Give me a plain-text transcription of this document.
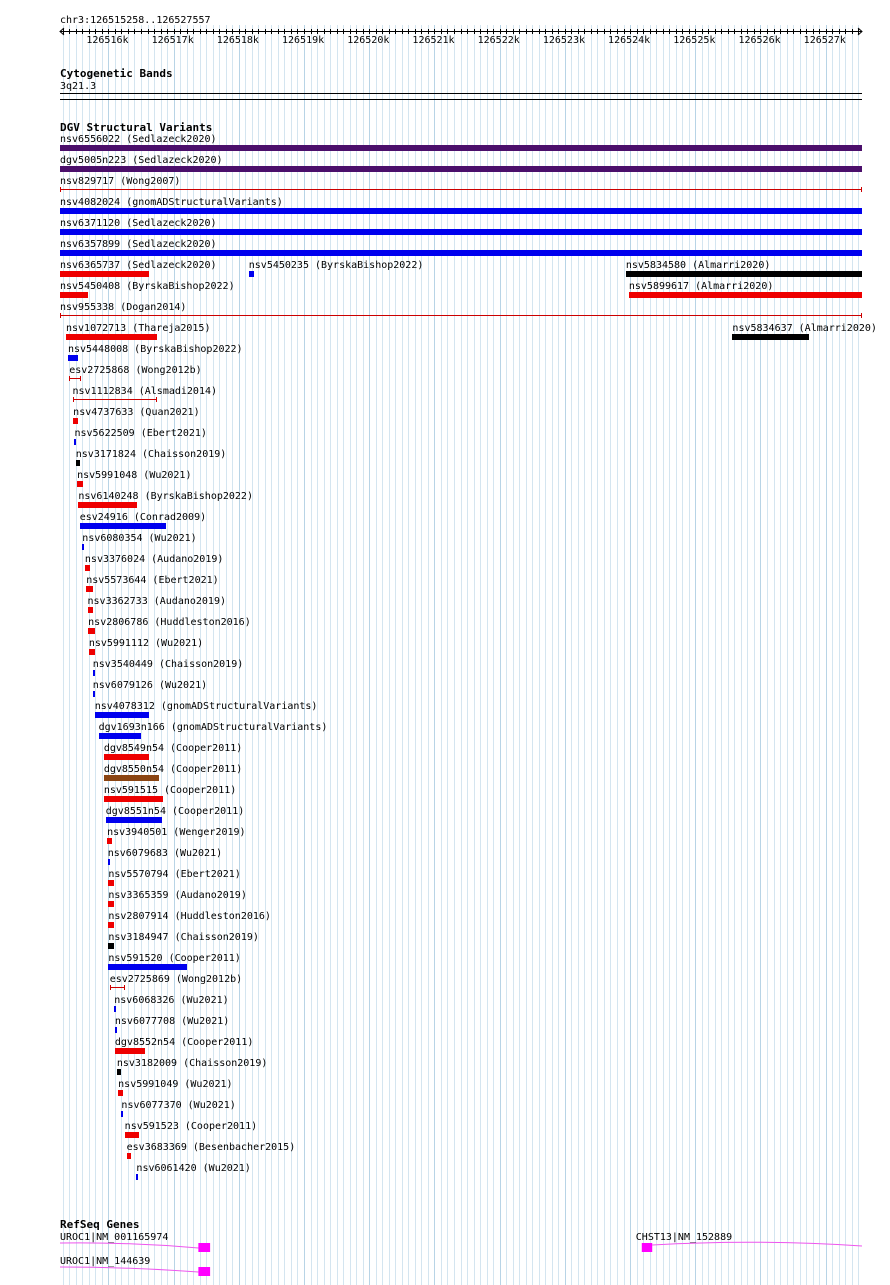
chr3:126515258..126527557
126516k 126517k 126518k 126519k 126520k 126521k 126522k 126523k 126524k 126525k 126526k 126527k
Cytogenetic Bands
3q21.3
DGV Structural Variants
nsv6556022 (Sedlazeck2020)
dgv5005n223 (Sedlazeck2020)
nsv829717 (Wong2007)
nsv4082024 (gnomADStructuralVariants)
nsv6371120 (Sedlazeck2020)
nsv6357899 (Sedlazeck2020)
nsv6365737 (Sedlazeck2020)	nsv5450235 (ByrskaBishop2022)	nsv5834580 (Almarri2020)
nsv5450408 (ByrskaBishop2022)	nsv5899617 (Almarri2020)
nsv955338 (Dogan2014)
nsv1072713 (Thareja2015)	nsv5834637 (Almarri2020)
nsv5448008 (ByrskaBishop2022)
esv2725868 (Wong2012b)
nsv1112834 (Alsmadi2014)
nsv4737633 (Quan2021)
nsv5622509 (Ebert2021)
nsv3171824 (Chaisson2019)
nsv5991048 (Wu2021)
nsv6140248 (ByrskaBishop2022)
esv24916 (Conrad2009)
nsv6080354 (Wu2021)
nsv3376024 (Audano2019)
nsv5573644 (Ebert2021)
nsv3362733 (Audano2019)
nsv2806786 (Huddleston2016)
nsv5991112 (Wu2021)
nsv3540449 (Chaisson2019)
nsv6079126 (Wu2021)
nsv4078312 (gnomADStructuralVariants)
dgv1693n166 (gnomADStructuralVariants)
dgv8549n54 (Cooper2011)
dgv8550n54 (Cooper2011)
nsv591515 (Cooper2011)
dgv8551n54 (Cooper2011)
nsv3940501 (Wenger2019)
nsv6079683 (Wu2021)
nsv5570794 (Ebert2021)
nsv3365359 (Audano2019)
nsv2807914 (Huddleston2016)
nsv3184947 (Chaisson2019)
nsv591520 (Cooper2011)
esv2725869 (Wong2012b)
nsv6068326 (Wu2021)
nsv6077708 (Wu2021)
dgv8552n54 (Cooper2011)
nsv3182009 (Chaisson2019)
nsv5991049 (Wu2021)
nsv6077370 (Wu2021)
nsv591523 (Cooper2011)
esv3683369 (Besenbacher2015)
nsv6061420 (Wu2021)
RefSeq Genes
UROC1|NM_001165974	CHST13|NM_152889
UROC1|NM_144639
